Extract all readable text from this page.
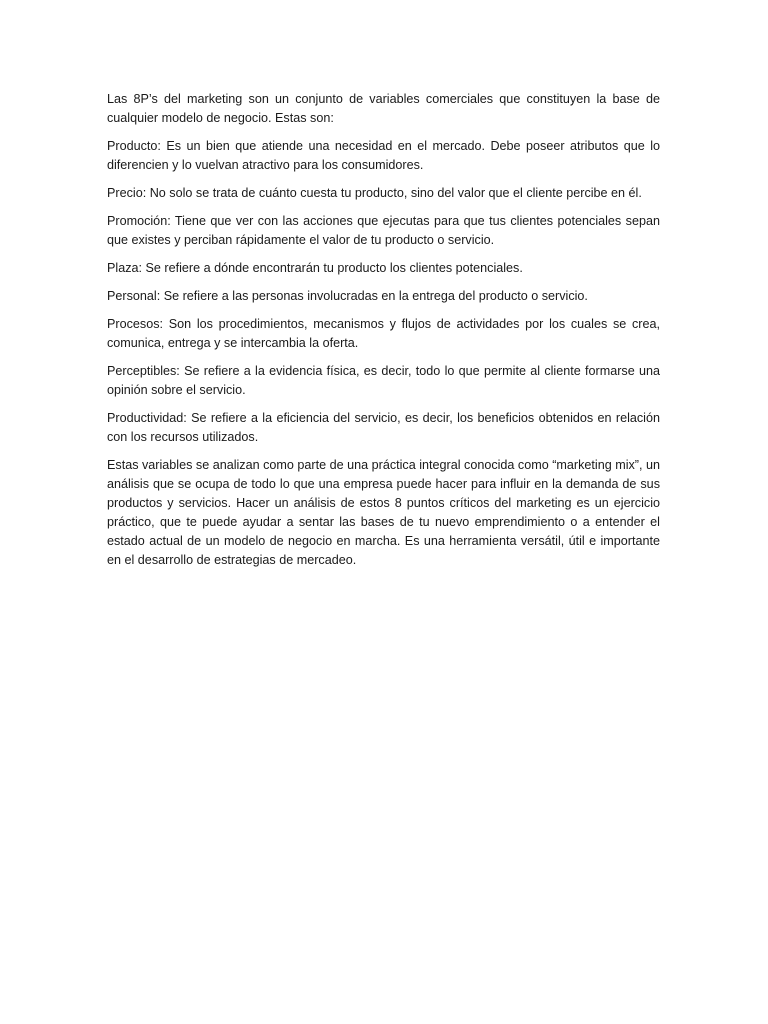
Las 8P’s del marketing son un conjunto de variables comerciales que constituyen la base de cualquier modelo de negocio. Estas son:

Producto: Es un bien que atiende una necesidad en el mercado. Debe poseer atributos que lo diferencien y lo vuelvan atractivo para los consumidores.

Precio: No solo se trata de cuánto cuesta tu producto, sino del valor que el cliente percibe en él.

Promoción: Tiene que ver con las acciones que ejecutas para que tus clientes potenciales sepan que existes y perciban rápidamente el valor de tu producto o servicio.

Plaza: Se refiere a dónde encontrarán tu producto los clientes potenciales.

Personal: Se refiere a las personas involucradas en la entrega del producto o servicio.

Procesos: Son los procedimientos, mecanismos y flujos de actividades por los cuales se crea, comunica, entrega y se intercambia la oferta.

Perceptibles: Se refiere a la evidencia física, es decir, todo lo que permite al cliente formarse una opinión sobre el servicio.

Productividad: Se refiere a la eficiencia del servicio, es decir, los beneficios obtenidos en relación con los recursos utilizados.

Estas variables se analizan como parte de una práctica integral conocida como “marketing mix”, un análisis que se ocupa de todo lo que una empresa puede hacer para influir en la demanda de sus productos y servicios. Hacer un análisis de estos 8 puntos críticos del marketing es un ejercicio práctico, que te puede ayudar a sentar las bases de tu nuevo emprendimiento o a entender el estado actual de un modelo de negocio en marcha. Es una herramienta versátil, útil e importante en el desarrollo de estrategias de mercadeo.
